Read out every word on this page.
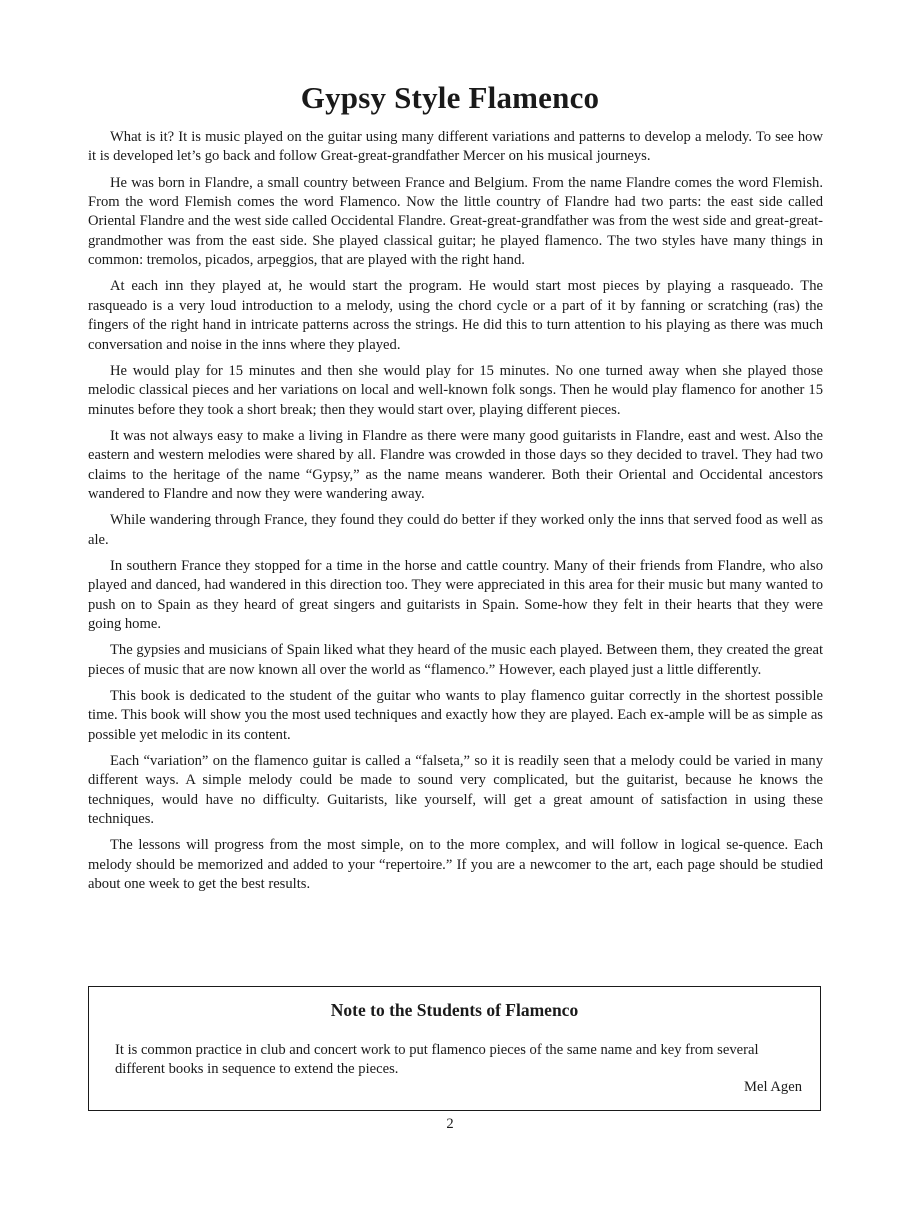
Gypsy Style Flamenco

What is it? It is music played on the guitar using many different variations and patterns to develop a melody. To see how it is developed let’s go back and follow Great-great-grandfather Mercer on his musical journeys.

He was born in Flandre, a small country between France and Belgium. From the name Flandre comes the word Flemish. From the word Flemish comes the word Flamenco. Now the little country of Flandre had two parts: the east side called Oriental Flandre and the west side called Occidental Flandre. Great-great-grandfather was from the west side and great-great-grandmother was from the east side. She played classical guitar; he played flamenco. The two styles have many things in common: tremolos, picados, arpeggios, that are played with the right hand.

At each inn they played at, he would start the program. He would start most pieces by playing a rasqueado. The rasqueado is a very loud introduction to a melody, using the chord cycle or a part of it by fanning or scratching (ras) the fingers of the right hand in intricate patterns across the strings. He did this to turn attention to his playing as there was much conversation and noise in the inns where they played.

He would play for 15 minutes and then she would play for 15 minutes. No one turned away when she played those melodic classical pieces and her variations on local and well-known folk songs. Then he would play flamenco for another 15 minutes before they took a short break; then they would start over, playing different pieces.

It was not always easy to make a living in Flandre as there were many good guitarists in Flandre, east and west. Also the eastern and western melodies were shared by all. Flandre was crowded in those days so they decided to travel. They had two claims to the heritage of the name “Gypsy,” as the name means wanderer. Both their Oriental and Occidental ancestors wandered to Flandre and now they were wandering away.

While wandering through France, they found they could do better if they worked only the inns that served food as well as ale.

In southern France they stopped for a time in the horse and cattle country. Many of their friends from Flandre, who also played and danced, had wandered in this direction too. They were appreciated in this area for their music but many wanted to push on to Spain as they heard of great singers and guitarists in Spain. Some-how they felt in their hearts that they were going home.

The gypsies and musicians of Spain liked what they heard of the music each played. Between them, they created the great pieces of music that are now known all over the world as “flamenco.” However, each played just a little differently.

This book is dedicated to the student of the guitar who wants to play flamenco guitar correctly in the shortest possible time. This book will show you the most used techniques and exactly how they are played. Each ex-ample will be as simple as possible yet melodic in its content.

Each “variation” on the flamenco guitar is called a “falseta,” so it is readily seen that a melody could be varied in many different ways. A simple melody could be made to sound very complicated, but the guitarist, because he knows the techniques, would have no difficulty. Guitarists, like yourself, will get a great amount of satisfaction in using these techniques.

The lessons will progress from the most simple, on to the more complex, and will follow in logical se-quence. Each melody should be memorized and added to your “repertoire.” If you are a newcomer to the art, each page should be studied about one week to get the best results.

Note to the Students of Flamenco

It is common practice in club and concert work to put flamenco pieces of the same name and key from several different books in sequence to extend the pieces.

Mel Agen

2
